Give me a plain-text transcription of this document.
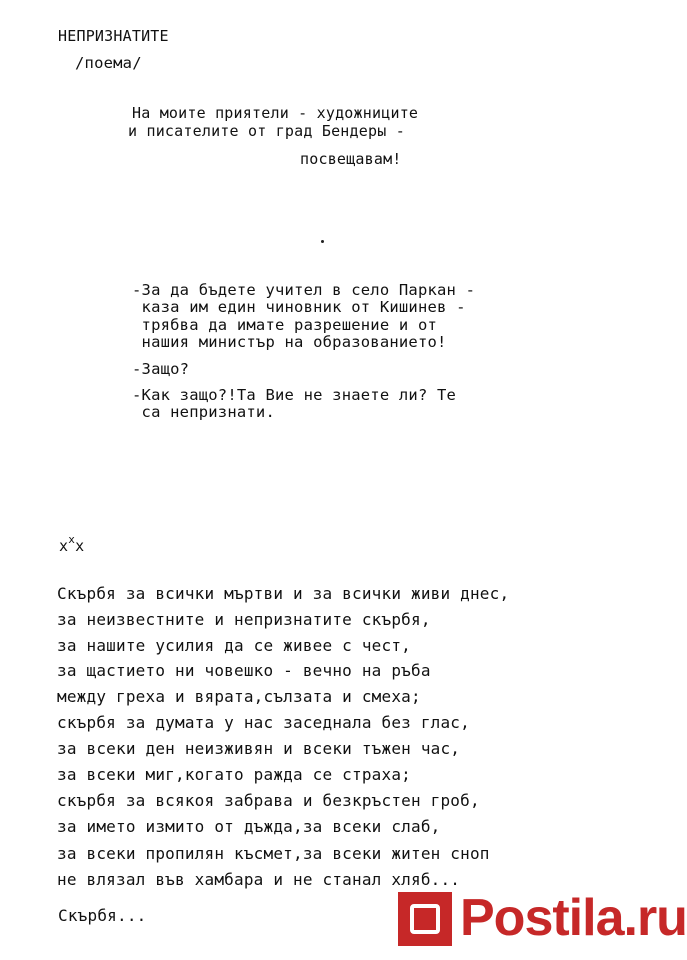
НЕПРИЗНАТИТЕ
/поема/
На моите приятели - художниците
и писателите от град Бендеры -
посвещавам!
-За да бъдете учител в село Паркан -
каза им един чиновник от Кишинев -
трябва да имате разрешение и от
нашия министър на образованието!
-Защо?
-Как защо?!Та Вие не знаете ли? Те
са непризнати.
$x^xx$
Скърбя за всички мъртви и за всички живи днес,
за неизвестните и непризнатите скърбя,
за нашите усилия да се живее с чест,
за щастието ни човешко - вечно на ръба
между греха и вярата,сълзата и смеха;
скърбя за думата у нас заседнала без глас,
за всеки ден неизживян и всеки тъжен час,
за всеки миг,когато ражда се страха;
скърбя за всякоя забрава и безкръстен гроб,
за името измито от дъжда,за всеки слаб,
за всеки пропилян късмет,за всеки житен сноп
не влязал във хамбара и не станал хляб...
Скърбя...	Postila.ru
